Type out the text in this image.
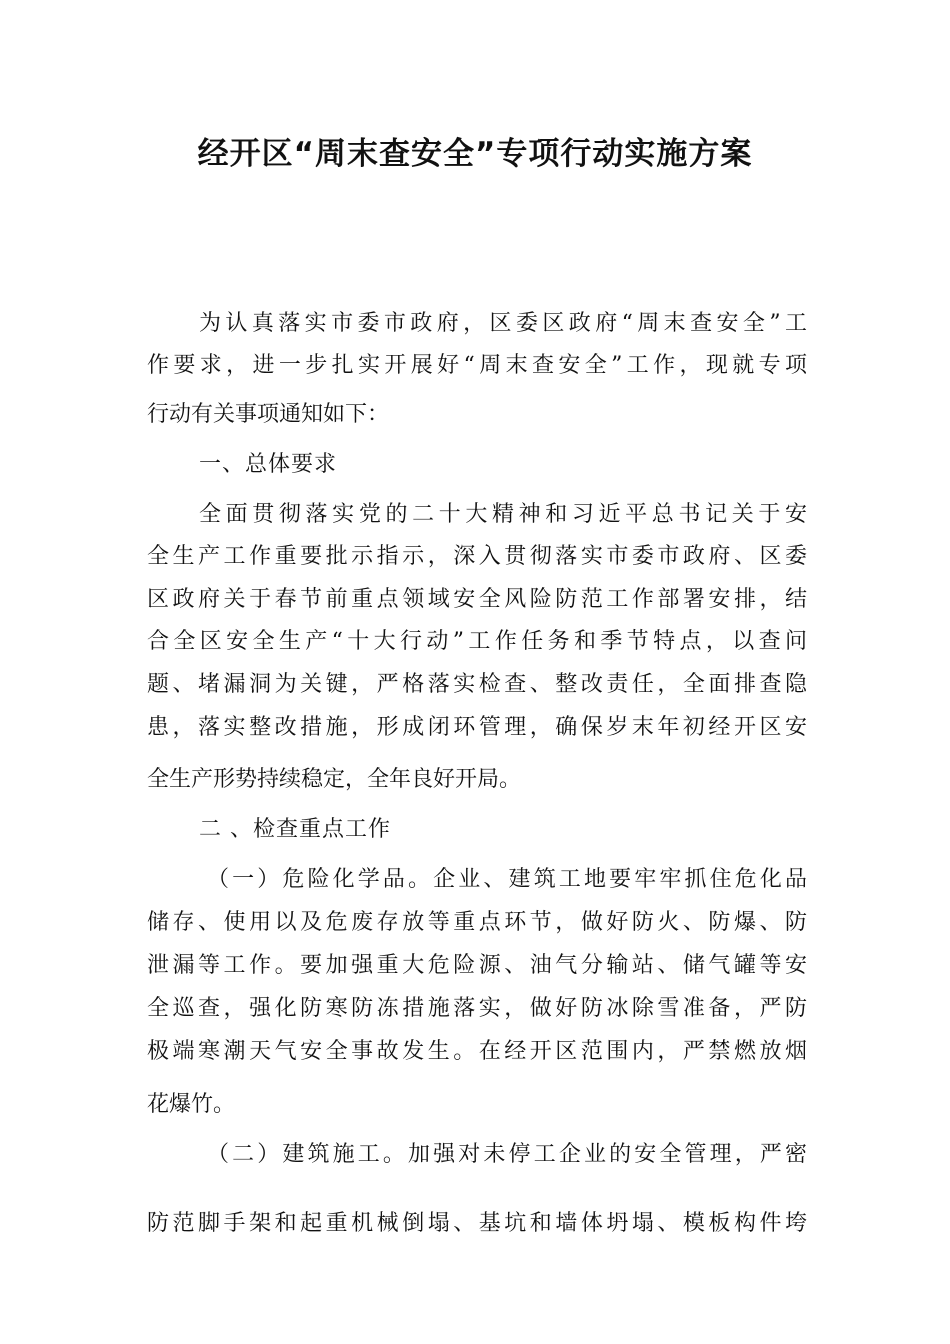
经开区“周末查安全”专项行动实施方案

为认真落实市委市政府，区委区政府“周末查安全”工

作要求，进一步扎实开展好“周末查安全”工作，现就专项

行动有关事项通知如下：

一、总体要求

全面贯彻落实党的二十大精神和习近平总书记关于安

全生产工作重要批示指示，深入贯彻落实市委市政府、区委

区政府关于春节前重点领域安全风险防范工作部署安排，结

合全区安全生产“十大行动”工作任务和季节特点，以查问

题、堵漏洞为关键，严格落实检查、整改责任，全面排查隐

患，落实整改措施，形成闭环管理，确保岁末年初经开区安

全生产形势持续稳定，全年良好开局。

二 、检查重点工作

（一）危险化学品。企业、建筑工地要牢牢抓住危化品

储存、使用以及危废存放等重点环节，做好防火、防爆、防

泄漏等工作。要加强重大危险源、油气分输站、储气罐等安

全巡查，强化防寒防冻措施落实，做好防冰除雪准备，严防

极端寒潮天气安全事故发生。在经开区范围内，严禁燃放烟

花爆竹。

（二）建筑施工。加强对未停工企业的安全管理，严密

防范脚手架和起重机械倒塌、基坑和墙体坍塌、模板构件垮
